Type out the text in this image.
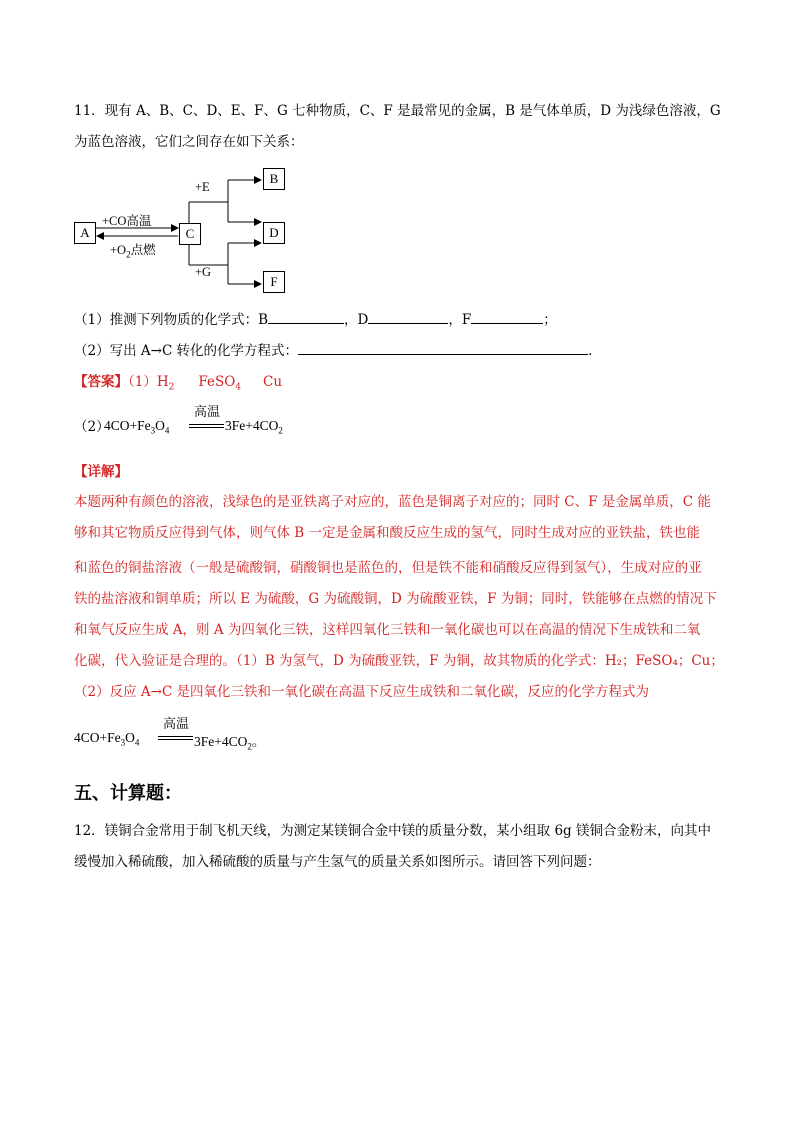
11．现有 A、B、C、D、E、F、G 七种物质，C、F 是最常见的金属，B 是气体单质，D 为浅绿色溶液，G
为蓝色溶液，它们之间存在如下关系：
A	C
B
D
F
+E
+G
+CO高温
$+O_2$点燃
（1）推测下列物质的化学式：B	，D	，F	；
（2）写出 A→C 转化的化学方程式：	.
【答案】$(1)H_2$ FeSO$_4$ Cu
（2）
$4CO+Fe_3O_4$
高温
$3Fe+4CO_2$
【详解】
本题两种有颜色的溶液，浅绿色的是亚铁离子对应的，蓝色是铜离子对应的；同时 C、F 是金属单质，C 能
够和其它物质反应得到气体，则气体 B 一定是金属和酸反应生成的氢气，同时生成对应的亚铁盐，铁也能
和蓝色的铜盐溶液（一般是硫酸铜，硝酸铜也是蓝色的，但是铁不能和硝酸反应得到氢气），生成对应的亚
铁的盐溶液和铜单质；所以 E 为硫酸，G 为硫酸铜，D 为硫酸亚铁，F 为铜；同时，铁能够在点燃的情况下
和氧气反应生成 A，则 A 为四氧化三铁，这样四氧化三铁和一氧化碳也可以在高温的情况下生成铁和二氧
化碳，代入验证是合理的。（1）B 为氢气，D 为硫酸亚铁，F 为铜，故其物质的化学式：H₂；FeSO₄；Cu；
（2）反应 A→C 是四氧化三铁和一氧化碳在高温下反应生成铁和二氧化碳，反应的化学方程式为
$4CO+Fe_3O_4$
高温
$3Fe+4CO_2$。
五、计算题：
12．镁铜合金常用于制飞机天线，为测定某镁铜合金中镁的质量分数，某小组取 6g 镁铜合金粉末，向其中
缓慢加入稀硫酸，加入稀硫酸的质量与产生氢气的质量关系如图所示。请回答下列问题：
